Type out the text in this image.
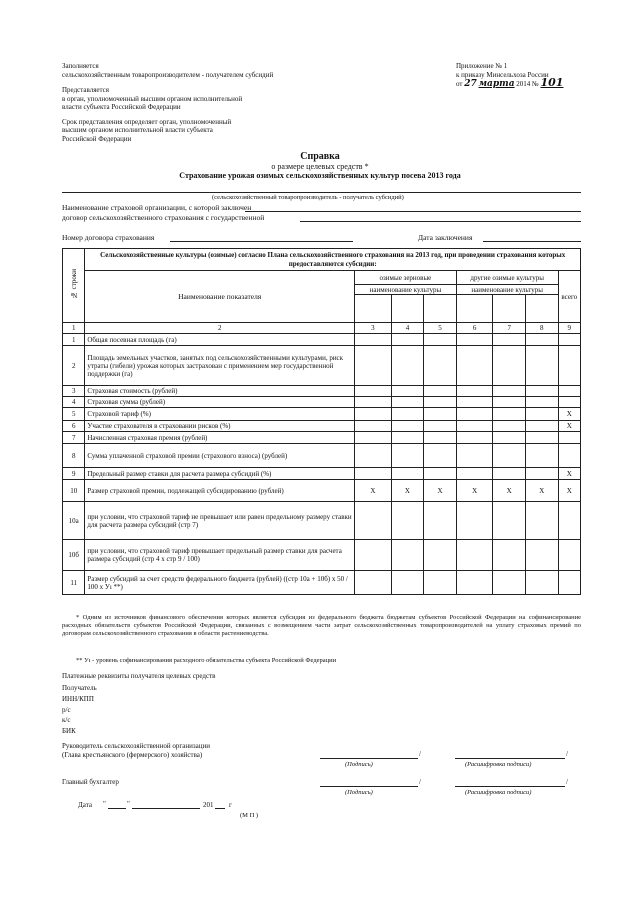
Заполняется
сельскохозяйственным товаропроизводителем - получателем субсидий
Представляется
в орган, уполномоченный высшим органом исполнительной
власти субъекта Российской Федерации
Срок представления определяет орган, уполномоченный
высшим органом исполнительной власти субъекта
Российской Федерации
Приложение № 1
к приказу Минсельхоза России
от 27 марта 2014 № 101
Справка
о размере целевых средств *
Страхование урожая озимых сельскохозяйственных культур посева 2013 года
(сельскохозяйственный товаропроизводитель - получатель субсидий)
Наименование страховой организации, с которой заключен
договор сельскохозяйственного страхования с государственной
Номер договора страхования	Дата заключения
№ строки	Сельскохозяйственные культуры (озимые) согласно Плана сельскохозяйственного страхования на 2013 год, при проведении страхования которых предоставляются субсидии:							
	Наименование показателя	озимые зерновые			другие озимые культуры			всего
		наименование культуры			наименование культуры			

1	2	3	4	5	6	7	8	9
1	Общая посевная площадь (га)							
2	Площадь земельных участков, занятых под сельскохозяйственными культурами, риск утраты (гибели) урожая которых застрахован с применением мер государственной поддержки (га)							
3	Страховая стоимость (рублей)							
4	Страховая сумма (рублей)							
5	Страховой тариф (%)							X
6	Участие страхователя в страховании рисков (%)							X
7	Начисленная страховая премия (рублей)							
8	Сумма уплаченной страховой премии (страхового взноса) (рублей)							
9	Предельный размер ставки для расчета размера субсидий (%)							X
10	Размер страховой премии, подлежащей субсидированию (рублей)	X	X	X	X	X	X	X
10а	при условии, что страховой тариф не превышает или равен предельному размеру ставки для расчета размера субсидий (стр 7)							
10б	при условии, что страховой тариф превышает предельный размер ставки для расчета размера субсидий (стр 4 х стр 9 / 100)							
11	Размер субсидий за счет средств федерального бюджета (рублей) ((стр 10а + 10б) х 50 / 100 х Уı **)							
* Одним из источников финансового обеспечения которых является субсидия из федерального бюджета бюджетам субъектов Российской Федерации на софинансирование расходных обязательств субъектов Российской Федерации, связанных с возмещением части затрат сельскохозяйственных товаропроизводителей на уплату страховых премий по договорам сельскохозяйственного страхования в области растениеводства.
** Уı - уровень софинансирования расходного обязательства субъекта Российской Федерации
Платежные реквизиты получателя целевых средств
Получатель
ИНН/КПП
р/с
к/с
БИК
Руководитель сельскохозяйственной организации
(Глава крестьянского (фермерского) хозяйства)	/	/
(Подпись)	(Расшифровка подписи)
Главный бухгалтер	/	/
(Подпись)	(Расшифровка подписи)
Дата "	"	201 г
(М П )
